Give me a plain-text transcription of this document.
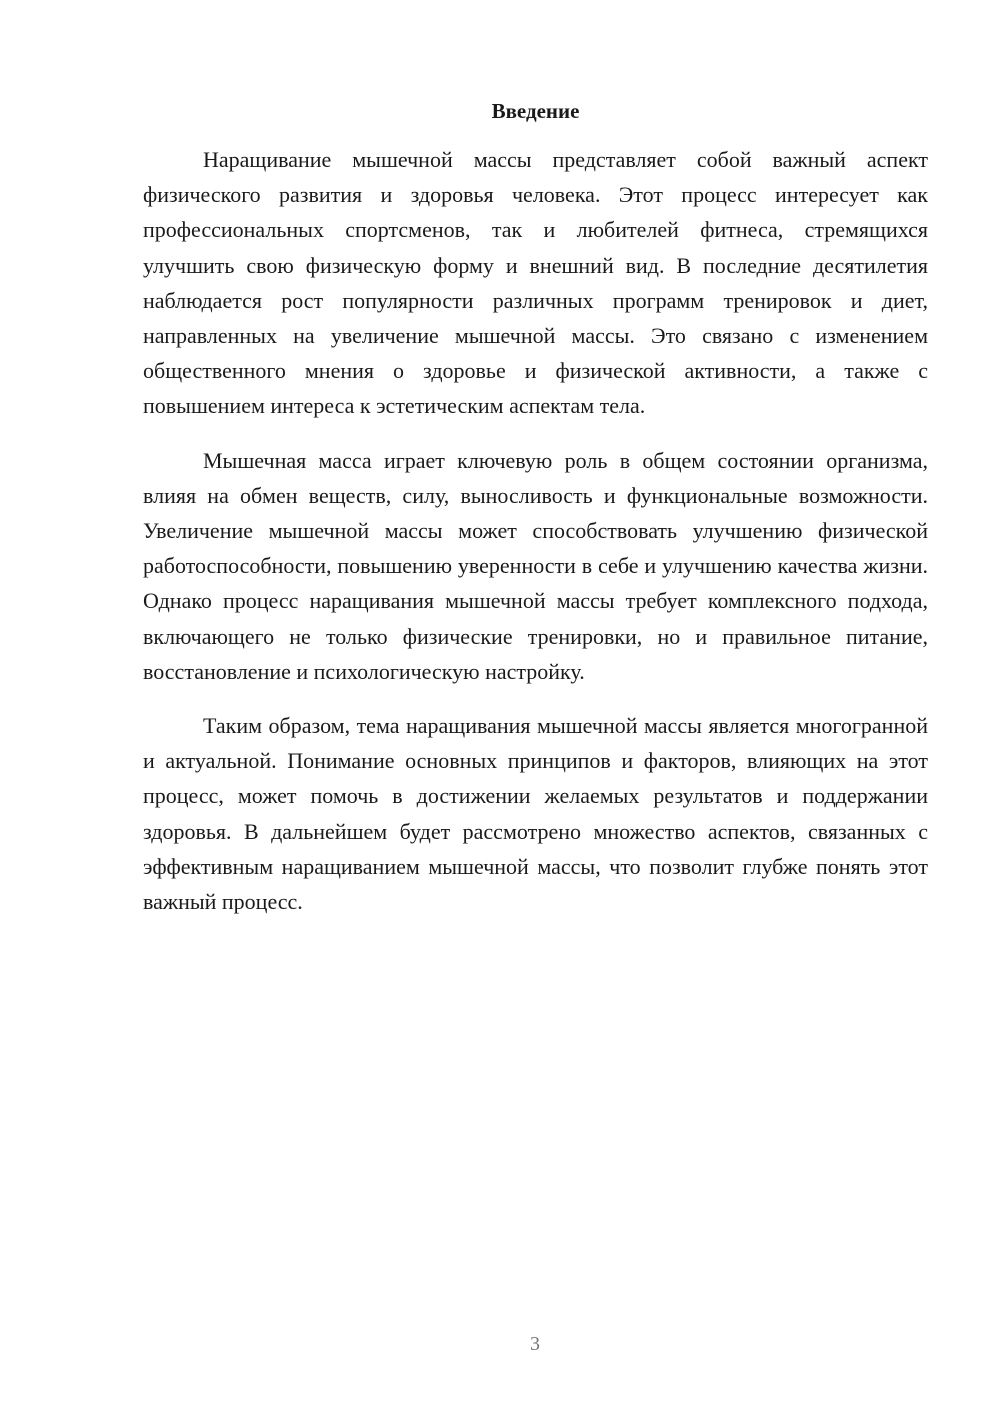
Введение

Наращивание мышечной массы представляет собой важный аспект физического развития и здоровья человека. Этот процесс интересует как профессиональных спортсменов, так и любителей фитнеса, стремящихся улучшить свою физическую форму и внешний вид. В последние десятилетия наблюдается рост популярности различных программ тренировок и диет, направленных на увеличение мышечной массы. Это связано с изменением общественного мнения о здоровье и физической активности, а также с повышением интереса к эстетическим аспектам тела.

Мышечная масса играет ключевую роль в общем состоянии организма, влияя на обмен веществ, силу, выносливость и функциональные возможности. Увеличение мышечной массы может способствовать улучшению физической работоспособности, повышению уверенности в себе и улучшению качества жизни. Однако процесс наращивания мышечной массы требует комплексного подхода, включающего не только физические тренировки, но и правильное питание, восстановление и психологическую настройку.

Таким образом, тема наращивания мышечной массы является многогранной и актуальной. Понимание основных принципов и факторов, влияющих на этот процесс, может помочь в достижении желаемых результатов и поддержании здоровья. В дальнейшем будет рассмотрено множество аспектов, связанных с эффективным наращиванием мышечной массы, что позволит глубже понять этот важный процесс.

3
